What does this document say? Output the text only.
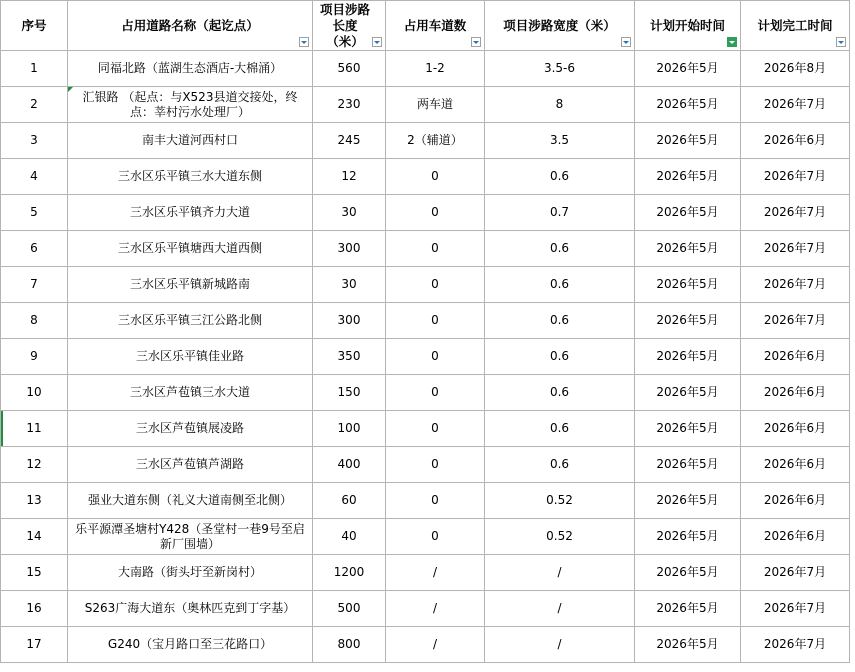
序号	占用道路名称（起讫点）	项目涉路长度（米）	占用车道数	项目涉路宽度（米）	计划开始时间	计划完工时间

1	同福北路（蓝湖生态酒店-大棉涌）	560	1-2	3.5-6	2026年5月	2026年8月
2	汇银路 （起点：与X523县道交接处，终点：莘村污水处理厂）	230	两车道	8	2026年5月	2026年7月
3	南丰大道河西村口	245	2（辅道）	3.5	2026年5月	2026年6月
4	三水区乐平镇三水大道东侧	12	0	0.6	2026年5月	2026年7月
5	三水区乐平镇齐力大道	30	0	0.7	2026年5月	2026年7月
6	三水区乐平镇塘西大道西侧	300	0	0.6	2026年5月	2026年7月
7	三水区乐平镇新城路南	30	0	0.6	2026年5月	2026年7月
8	三水区乐平镇三江公路北侧	300	0	0.6	2026年5月	2026年7月
9	三水区乐平镇佳业路	350	0	0.6	2026年5月	2026年6月
10	三水区芦苞镇三水大道	150	0	0.6	2026年5月	2026年6月

11	三水区芦苞镇展凌路	100	0	0.6	2026年5月	2026年6月
12	三水区芦苞镇芦湖路	400	0	0.6	2026年5月	2026年6月
13	强业大道东侧（礼义大道南侧至北侧）	60	0	0.52	2026年5月	2026年6月
14	乐平源潭圣塘村Y428（圣堂村一巷9号至启新厂围墙）	40	0	0.52	2026年5月	2026年6月
15	大南路（街头圩至新岗村）	1200	/	/	2026年5月	2026年7月
16	S263广海大道东（奥林匹克到丁字基）	500	/	/	2026年5月	2026年7月
17	G240（宝月路口至三花路口）	800	/	/	2026年5月	2026年7月
